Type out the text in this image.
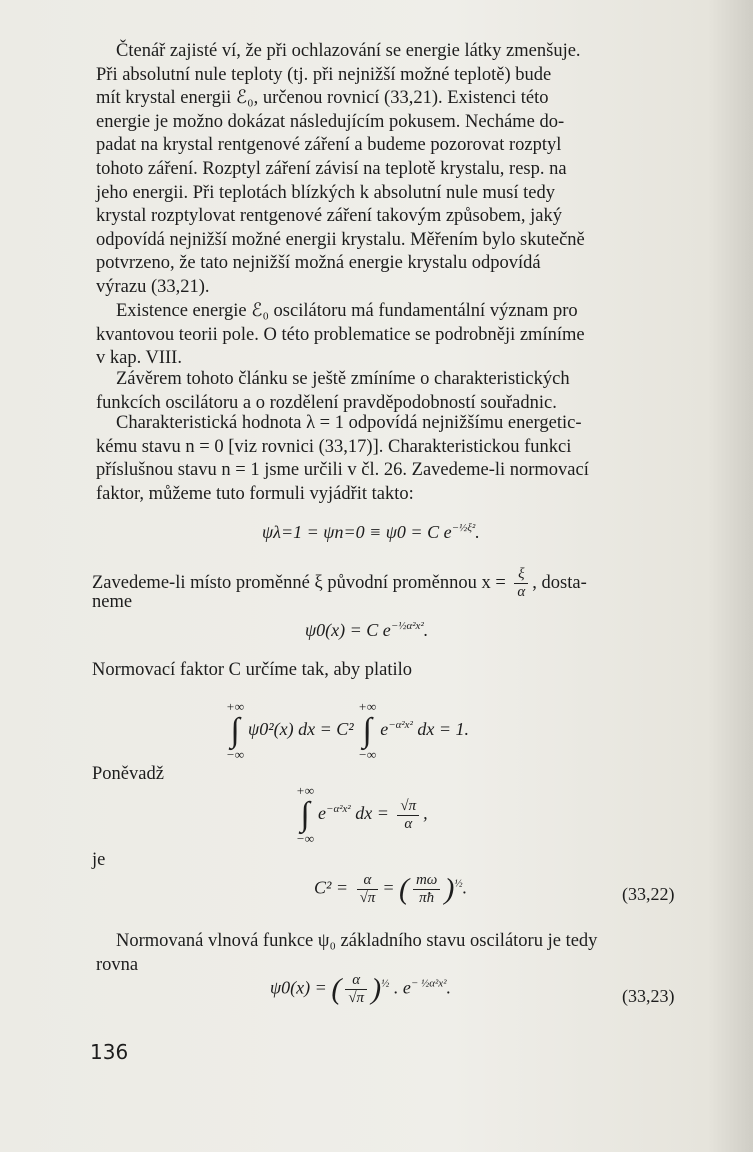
Čtenář zajisté ví, že při ochlazování se energie látky zmenšuje.
Při absolutní nule teploty (tj. při nejnižší možné teplotě) bude
mít krystal energii ℰ₀, určenou rovnicí (33,21). Existenci této
energie je možno dokázat následujícím pokusem. Necháme do-
padat na krystal rentgenové záření a budeme pozorovat rozptyl
tohoto záření. Rozptyl záření závisí na teplotě krystalu, resp. na
jeho energii. Při teplotách blízkých k absolutní nule musí tedy
krystal rozptylovat rentgenové záření takovým způsobem, jaký
odpovídá nejnižší možné energii krystalu. Měřením bylo skutečně
potvrzeno, že tato nejnižší možná energie krystalu odpovídá
výrazu (33,21).
Existence energie ℰ₀ oscilátoru má fundamentální význam pro
kvantovou teorii pole. O této problematice se podrobněji zmíníme
v kap. VIII.
Závěrem tohoto článku se ještě zmíníme o charakteristických
funkcích oscilátoru a o rozdělení pravděpodobností souřadnic.
Charakteristická hodnota λ = 1 odpovídá nejnižšímu energetic-
kému stavu n = 0 [viz rovnici (33,17)]. Charakteristickou funkci
příslušnou stavu n = 1 jsme určili v čl. 26. Zavedeme-li normovací
faktor, můžeme tuto formuli vyjádřit takto:
ψλ=1 = ψn=0 ≡ ψ0 = C $e^{-\frac{1}{2}\xi^2}$.
Zavedeme-li místo proměnné ξ původní proměnnou $x = \frac{\xi}{\alpha}$ , dosta-
neme
ψ0(x) = C $e^{-\frac{1}{2}\alpha^2x^2}$.
Normovací faktor C určíme tak, aby platilo
+∞
∫
−∞
ψ0²(x) dx = C²
+∞
∫
−∞
$e^{-\alpha^2x^2}$ dx = 1.
Poněvadž
+∞
∫
−∞
$e^{-\alpha^2x^2}$ dx = $\frac{√\pi}{\alpha}$ ,
je
$C^2 = \frac{\alpha}{√\pi}$ = ( $\frac{m\omega}{\pi ħ} )^{\frac{1}{2}}$.	(33,22)
Normovaná vlnová funkce ψ₀ základního stavu oscilátoru je tedy
rovna
ψ0(x) = ( $\frac{\alpha}{√\pi} )^{\frac{1}{2}}$ . $e^{- \frac{1}{2}\alpha^2x^2}$.	(33,23)
136
